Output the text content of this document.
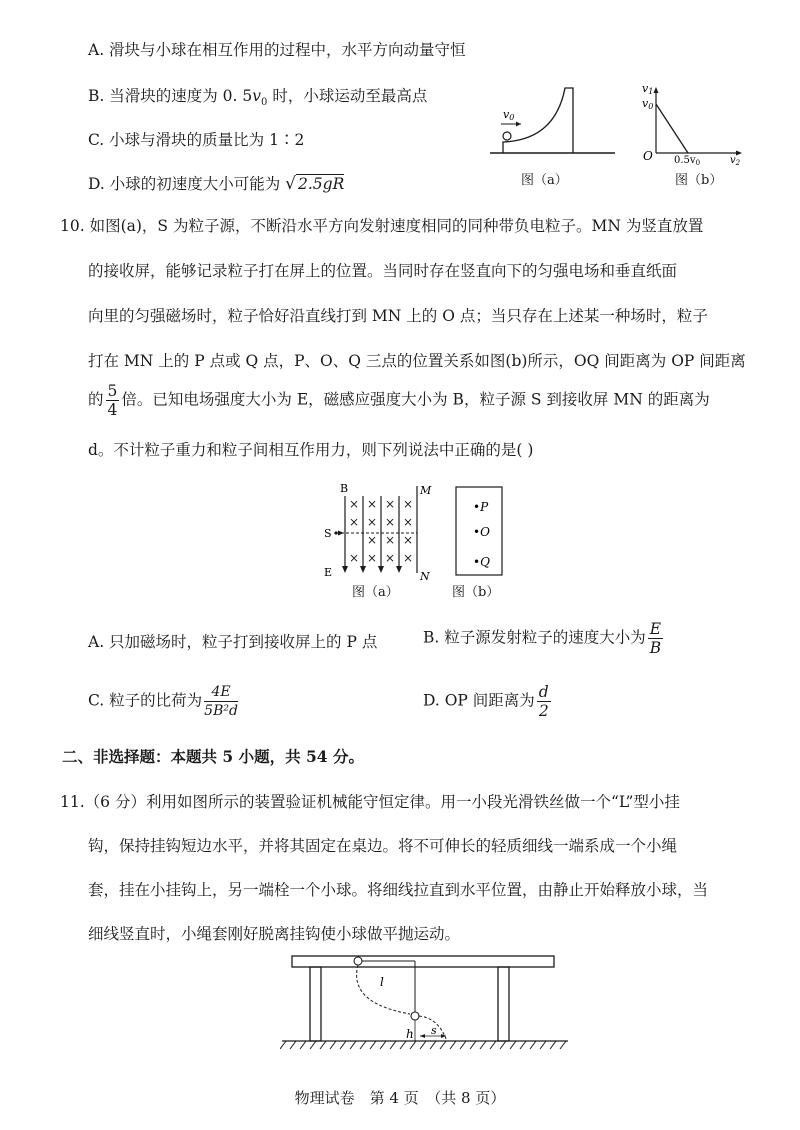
A. 滑块与小球在相互作用的过程中，水平方向动量守恒
B. 当滑块的速度为 0. $5v_0$ 时，小球运动至最高点
C. 小球与滑块的质量比为 1∶2
D. 小球的初速度大小可能为 √ 2.5gR
v0
图（a）
v1
v0
O $0.5v_0$	$v_2$
图（b）
10. 如图(a)，S 为粒子源，不断沿水平方向发射速度相同的同种带负电粒子。MN 为竖直放置
的接收屏，能够记录粒子打在屏上的位置。当同时存在竖直向下的匀强电场和垂直纸面
向里的匀强磁场时，粒子恰好沿直线打到 MN 上的 O 点；当只存在上述某一种场时，粒子
打在 MN 上的 P 点或 Q 点，P、O、Q 三点的位置关系如图(b)所示，OQ 间距离为 OP 间距离
的 $\frac{5}{4}$ 倍。已知电场强度大小为 E，磁感应强度大小为 B，粒子源 S 到接收屏 MN 的距离为
d。不计粒子重力和粒子间相互作用力，则下列说法中正确的是( )
× × × ×
× × × ×
× × ×
× × × ×
B
S
E
M
N
图（a）
•P
•O
•Q
图（b）
A. 只加磁场时，粒子打到接收屏上的 P 点	B. 粒子源发射粒子的速度大小为 $\frac{E}{B}$
C. 粒子的比荷为 $\frac{4E}{\text{5B²d}}$	D. OP 间距离为 $\frac{d}{2}$
二、非选择题：本题共 5 小题，共 54 分。
11.（6 分）利用如图所示的装置验证机械能守恒定律。用一小段光滑铁丝做一个“L”型小挂
钩，保持挂钩短边水平，并将其固定在桌边。将不可伸长的轻质细线一端系成一个小绳
套，挂在小挂钩上，另一端栓一个小球。将细线拉直到水平位置，由静止开始释放小球，当
细线竖直时，小绳套刚好脱离挂钩使小球做平抛运动。
l
h s
物理试卷　第 4 页　（共 8 页）
